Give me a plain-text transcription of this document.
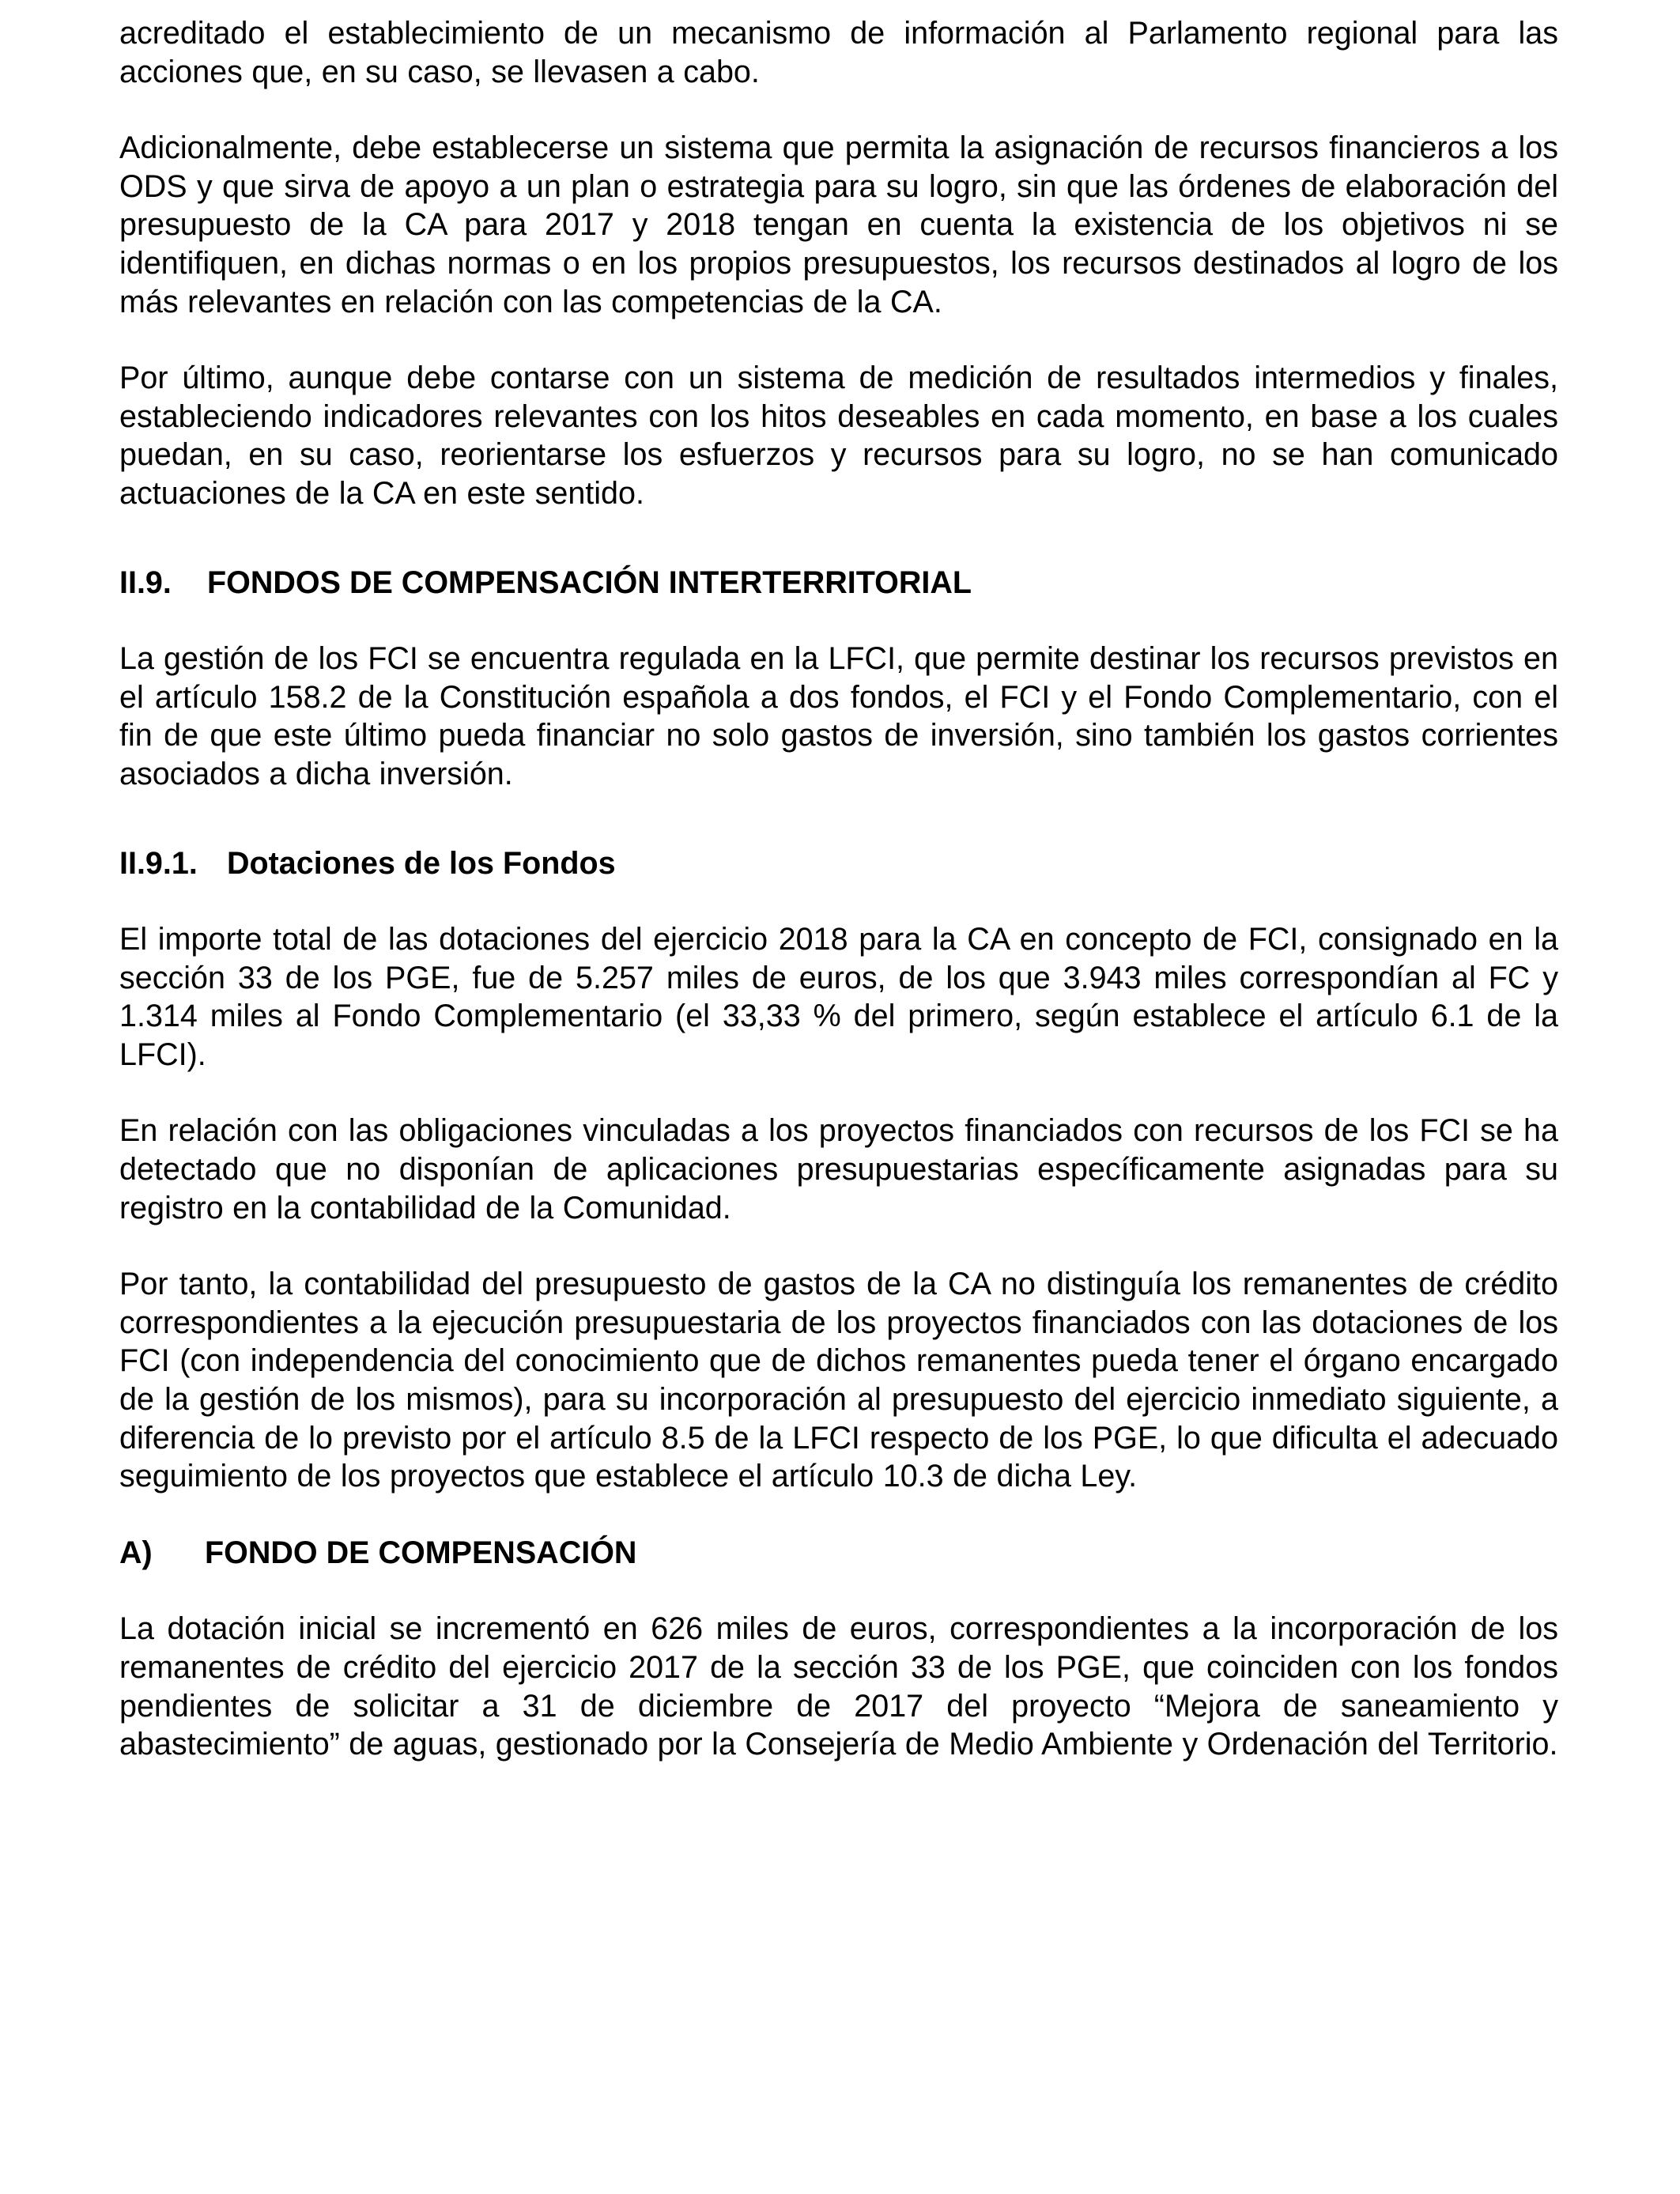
acreditado el establecimiento de un mecanismo de información al Parlamento regional para las acciones que, en su caso, se llevasen a cabo.

Adicionalmente, debe establecerse un sistema que permita la asignación de recursos financieros a los ODS y que sirva de apoyo a un plan o estrategia para su logro, sin que las órdenes de elaboración del presupuesto de la CA para 2017 y 2018 tengan en cuenta la existencia de los objetivos ni se identifiquen, en dichas normas o en los propios presupuestos, los recursos destinados al logro de los más relevantes en relación con las competencias de la CA.

Por último, aunque debe contarse con un sistema de medición de resultados intermedios y finales, estableciendo indicadores relevantes con los hitos deseables en cada momento, en base a los cuales puedan, en su caso, reorientarse los esfuerzos y recursos para su logro, no se han comunicado actuaciones de la CA en este sentido.

II.9.	FONDOS DE COMPENSACIÓN INTERTERRITORIAL

La gestión de los FCI se encuentra regulada en la LFCI, que permite destinar los recursos previstos en el artículo 158.2 de la Constitución española a dos fondos, el FCI y el Fondo Complementario, con el fin de que este último pueda financiar no solo gastos de inversión, sino también los gastos corrientes asociados a dicha inversión.

II.9.1. Dotaciones de los Fondos

El importe total de las dotaciones del ejercicio 2018 para la CA en concepto de FCI, consignado en la sección 33 de los PGE, fue de 5.257 miles de euros, de los que 3.943 miles correspondían al FC y 1.314 miles al Fondo Complementario (el 33,33 % del primero, según establece el artículo 6.1 de la LFCI).

En relación con las obligaciones vinculadas a los proyectos financiados con recursos de los FCI se ha detectado que no disponían de aplicaciones presupuestarias específicamente asignadas para su registro en la contabilidad de la Comunidad.

Por tanto, la contabilidad del presupuesto de gastos de la CA no distinguía los remanentes de crédito correspondientes a la ejecución presupuestaria de los proyectos financiados con las dotaciones de los FCI (con independencia del conocimiento que de dichos remanentes pueda tener el órgano encargado de la gestión de los mismos), para su incorporación al presupuesto del ejercicio inmediato siguiente, a diferencia de lo previsto por el artículo 8.5 de la LFCI respecto de los PGE, lo que dificulta el adecuado seguimiento de los proyectos que establece el artículo 10.3 de dicha Ley.

A)	FONDO DE COMPENSACIÓN

La dotación inicial se incrementó en 626 miles de euros, correspondientes a la incorporación de los remanentes de crédito del ejercicio 2017 de la sección 33 de los PGE, que coinciden con los fondos pendientes de solicitar a 31 de diciembre de 2017 del proyecto “Mejora de saneamiento y abastecimiento” de aguas, gestionado por la Consejería de Medio Ambiente y Ordenación del Territorio.
